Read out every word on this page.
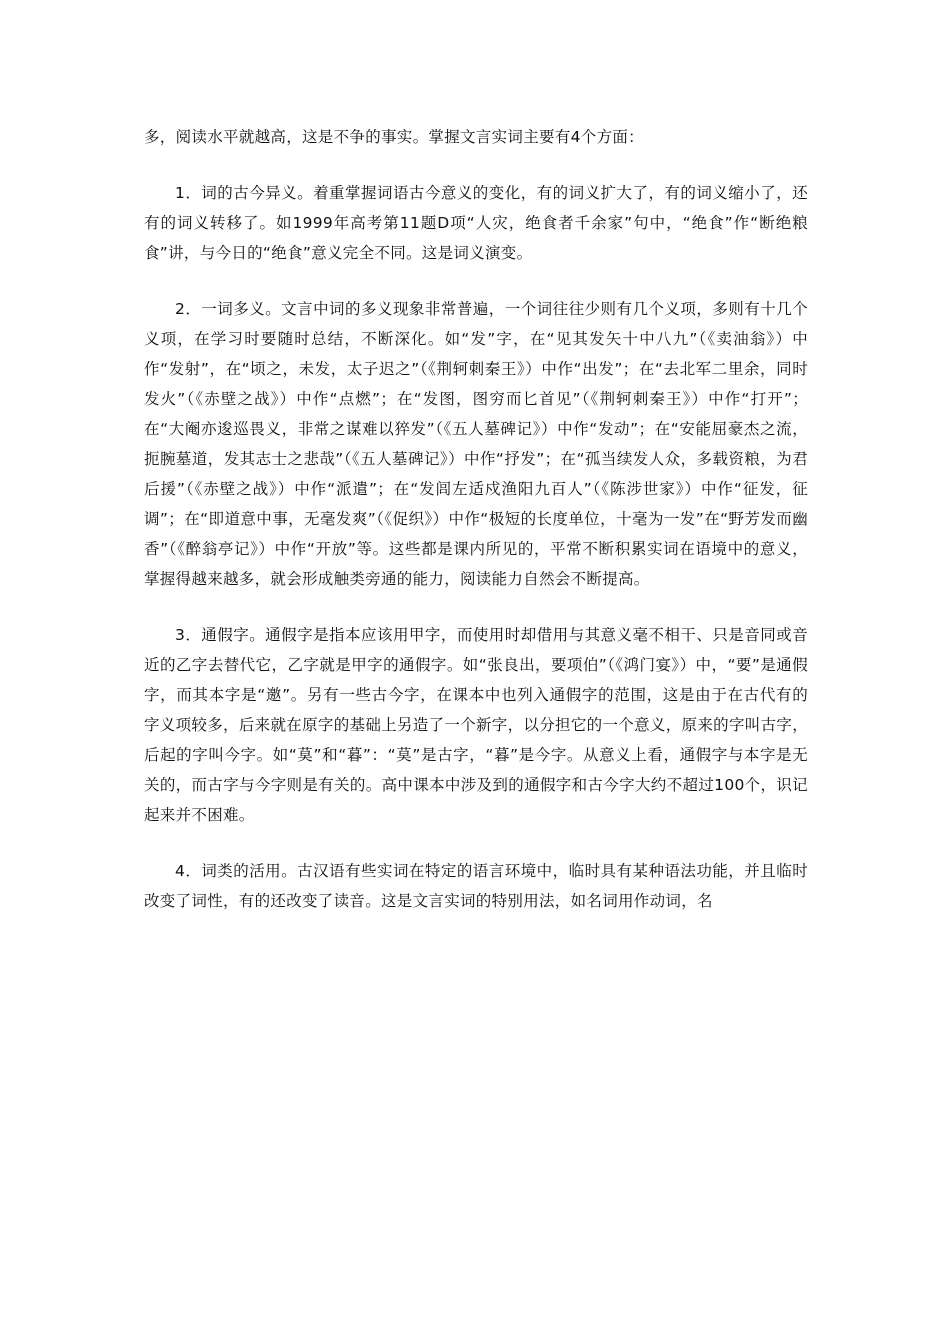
多，阅读水平就越高，这是不争的事实。掌握文言实词主要有4个方面：

1．词的古今异义。着重掌握词语古今意义的变化，有的词义扩大了，有的词义缩小了，还有的词义转移了。如1999年高考第11题D项“人灾，绝食者千余家”句中，“绝食”作“断绝粮食”讲，与今日的“绝食”意义完全不同。这是词义演变。

2．一词多义。文言中词的多义现象非常普遍，一个词往往少则有几个义项，多则有十几个义项，在学习时要随时总结，不断深化。如“发”字，在“见其发矢十中八九”（《卖油翁》）中作“发射”，在“顷之，未发，太子迟之”（《荆轲刺秦王》）中作“出发”；在“去北军二里余，同时发火”（《赤壁之战》）中作“点燃”；在“发图，图穷而匕首见”（《荆轲刺秦王》）中作“打开”；在“大阉亦逡巡畏义，非常之谋难以猝发”（《五人墓碑记》）中作“发动”；在“安能屈豪杰之流，扼腕墓道，发其志士之悲哉”（《五人墓碑记》）中作“抒发”；在“孤当续发人众，多载资粮，为君后援”（《赤壁之战》）中作“派遣”；在“发闾左适戍渔阳九百人”（《陈涉世家》）中作“征发，征调”；在“即道意中事，无毫发爽”（《促织》）中作“极短的长度单位，十毫为一发”在“野芳发而幽香”（《醉翁亭记》）中作“开放”等。这些都是课内所见的，平常不断积累实词在语境中的意义，掌握得越来越多，就会形成触类旁通的能力，阅读能力自然会不断提高。

3．通假字。通假字是指本应该用甲字，而使用时却借用与其意义毫不相干、只是音同或音近的乙字去替代它，乙字就是甲字的通假字。如“张良出，要项伯”（《鸿门宴》）中，“要”是通假字，而其本字是“邀”。另有一些古今字，在课本中也列入通假字的范围，这是由于在古代有的字义项较多，后来就在原字的基础上另造了一个新字，以分担它的一个意义，原来的字叫古字，后起的字叫今字。如“莫”和“暮”：“莫”是古字，“暮”是今字。从意义上看，通假字与本字是无关的，而古字与今字则是有关的。高中课本中涉及到的通假字和古今字大约不超过100个，识记起来并不困难。

4．词类的活用。古汉语有些实词在特定的语言环境中，临时具有某种语法功能，并且临时改变了词性，有的还改变了读音。这是文言实词的特别用法，如名词用作动词，名
